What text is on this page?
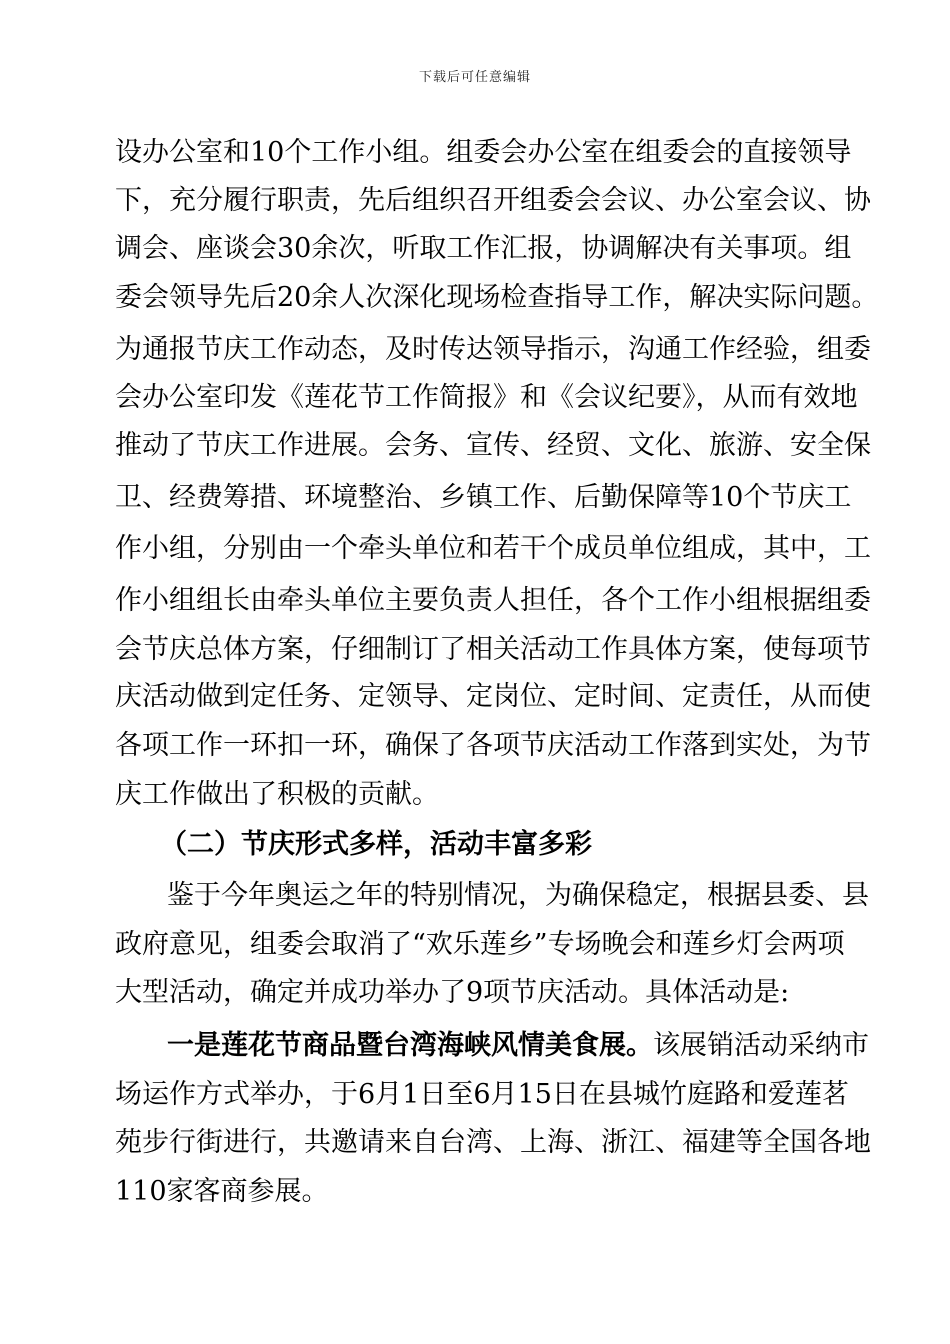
下载后可任意编辑
设办公室和10个工作小组。组委会办公室在组委会的直接领导
下，充分履行职责，先后组织召开组委会会议、办公室会议、协
调会、座谈会30余次，听取工作汇报，协调解决有关事项。组
委会领导先后20余人次深化现场检查指导工作，解决实际问题。
为通报节庆工作动态，及时传达领导指示，沟通工作经验，组委
会办公室印发《莲花节工作简报》和《会议纪要》，从而有效地
推动了节庆工作进展。会务、宣传、经贸、文化、旅游、安全保
卫、经费筹措、环境整治、乡镇工作、后勤保障等10个节庆工
作小组，分别由一个牵头单位和若干个成员单位组成，其中，工
作小组组长由牵头单位主要负责人担任，各个工作小组根据组委
会节庆总体方案，仔细制订了相关活动工作具体方案，使每项节
庆活动做到定任务、定领导、定岗位、定时间、定责任，从而使
各项工作一环扣一环，确保了各项节庆活动工作落到实处，为节
庆工作做出了积极的贡献。
（二）节庆形式多样，活动丰富多彩
鉴于今年奥运之年的特别情况，为确保稳定，根据县委、县
政府意见，组委会取消了“欢乐莲乡”专场晚会和莲乡灯会两项
大型活动，确定并成功举办了9项节庆活动。具体活动是:
一是莲花节商品暨台湾海峡风情美食展。该展销活动采纳市
场运作方式举办，于6月1日至6月15日在县城竹庭路和爱莲茗
苑步行街进行，共邀请来自台湾、上海、浙江、福建等全国各地
110家客商参展。
